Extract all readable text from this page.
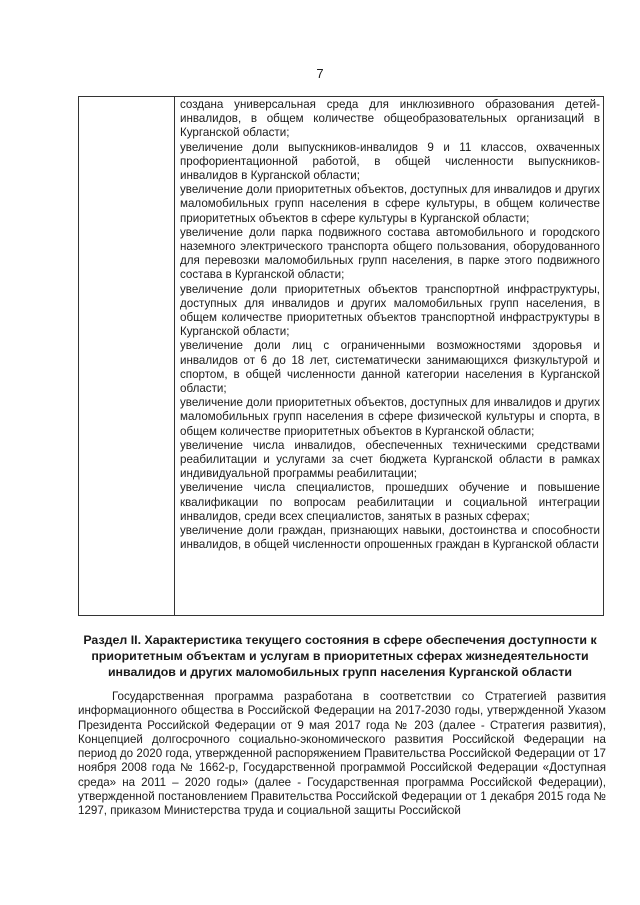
7
создана универсальная среда для инклюзивного образования детей-инвалидов, в общем количестве общеобразовательных организаций в Курганской области;
увеличение доли выпускников-инвалидов 9 и 11 классов, охваченных профориентационной работой, в общей численности выпускников-инвалидов в Курганской области;
увеличение доли приоритетных объектов, доступных для инвалидов и других маломобильных групп населения в сфере культуры, в общем количестве приоритетных объектов в сфере культуры в Курганской области;
увеличение доли парка подвижного состава автомобильного и городского наземного электрического транспорта общего пользования, оборудованного для перевозки маломобильных групп населения, в парке этого подвижного состава в Курганской области;
увеличение доли приоритетных объектов транспортной инфраструктуры, доступных для инвалидов и других маломобильных групп населения, в общем количестве приоритетных объектов транспортной инфраструктуры в Курганской области;
увеличение доли лиц с ограниченными возможностями здоровья и инвалидов от 6 до 18 лет, систематически занимающихся физкультурой и спортом, в общей численности данной категории населения в Курганской области;
увеличение доли приоритетных объектов, доступных для инвалидов и других маломобильных групп населения в сфере физической культуры и спорта, в общем количестве приоритетных объектов в Курганской области;
увеличение числа инвалидов, обеспеченных техническими средствами реабилитации и услугами за счет бюджета Курганской области в рамках индивидуальной программы реабилитации;
увеличение числа специалистов, прошедших обучение и повышение квалификации по вопросам реабилитации и социальной интеграции инвалидов, среди всех специалистов, занятых в разных сферах;
увеличение доли граждан, признающих навыки, достоинства и способности инвалидов, в общей численности опрошенных граждан в Курганской области
Раздел II. Характеристика текущего состояния в сфере обеспечения доступности к приоритетным объектам и услугам в приоритетных сферах жизнедеятельности инвалидов и других маломобильных групп населения Курганской области

Государственная программа разработана в соответствии со Стратегией развития информационного общества в Российской Федерации на 2017-2030 годы, утвержденной Указом Президента Российской Федерации от 9 мая 2017 года № 203 (далее - Стратегия развития), Концепцией долгосрочного социально-экономического развития Российской Федерации на период до 2020 года, утвержденной распоряжением Правительства Российской Федерации от 17 ноября 2008 года № 1662-р, Государственной программой Российской Федерации «Доступная среда» на 2011 – 2020 годы» (далее - Государственная программа Российской Федерации), утвержденной постановлением Правительства Российской Федерации от 1 декабря 2015 года № 1297, приказом Министерства труда и социальной защиты Российской
